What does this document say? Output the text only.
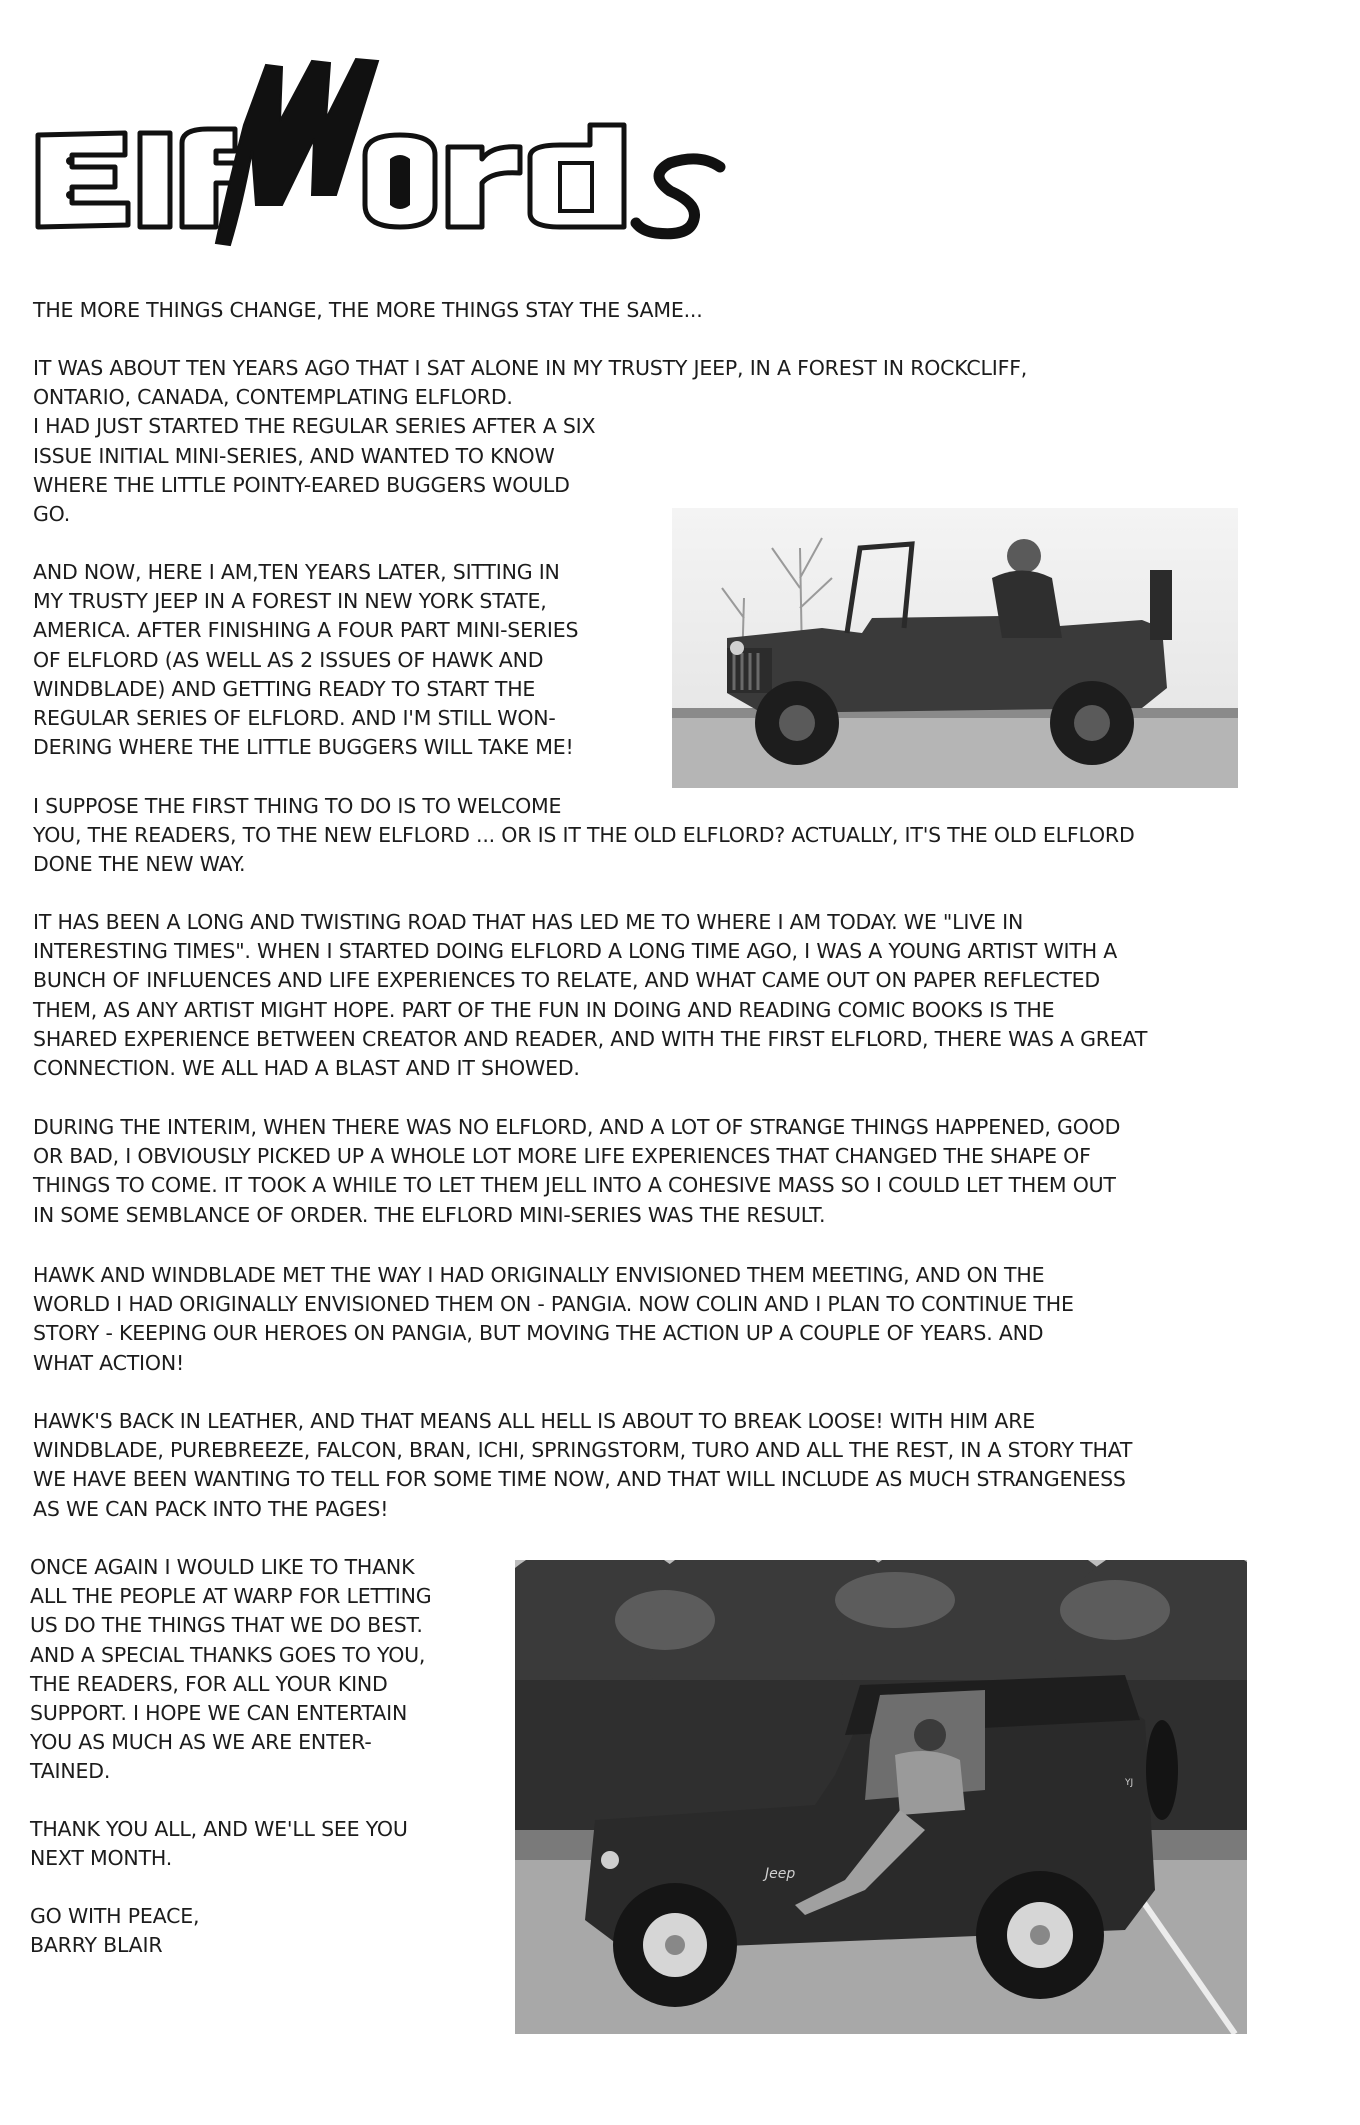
THE MORE THINGS CHANGE, THE MORE THINGS STAY THE SAME...

IT WAS ABOUT TEN YEARS AGO THAT I SAT ALONE IN MY TRUSTY JEEP, IN A FOREST IN ROCKCLIFF,
ONTARIO, CANADA, CONTEMPLATING ELFLORD.
I HAD JUST STARTED THE REGULAR SERIES AFTER A SIX
ISSUE INITIAL MINI-SERIES, AND WANTED TO KNOW
WHERE THE LITTLE POINTY-EARED BUGGERS WOULD
GO.

AND NOW, HERE I AM,TEN YEARS LATER, SITTING IN
MY TRUSTY JEEP IN A FOREST IN NEW YORK STATE,
AMERICA. AFTER FINISHING A FOUR PART MINI-SERIES
OF ELFLORD (AS WELL AS 2 ISSUES OF HAWK AND
WINDBLADE) AND GETTING READY TO START THE
REGULAR SERIES OF ELFLORD. AND I'M STILL WON-
DERING WHERE THE LITTLE BUGGERS WILL TAKE ME!

I SUPPOSE THE FIRST THING TO DO IS TO WELCOME
YOU, THE READERS, TO THE NEW ELFLORD ... OR IS IT THE OLD ELFLORD? ACTUALLY, IT'S THE OLD ELFLORD
DONE THE NEW WAY.

IT HAS BEEN A LONG AND TWISTING ROAD THAT HAS LED ME TO WHERE I AM TODAY. WE "LIVE IN
INTERESTING TIMES". WHEN I STARTED DOING ELFLORD A LONG TIME AGO, I WAS A YOUNG ARTIST WITH A
BUNCH OF INFLUENCES AND LIFE EXPERIENCES TO RELATE, AND WHAT CAME OUT ON PAPER REFLECTED
THEM, AS ANY ARTIST MIGHT HOPE. PART OF THE FUN IN DOING AND READING COMIC BOOKS IS THE
SHARED EXPERIENCE BETWEEN CREATOR AND READER, AND WITH THE FIRST ELFLORD, THERE WAS A GREAT
CONNECTION. WE ALL HAD A BLAST AND IT SHOWED.

DURING THE INTERIM, WHEN THERE WAS NO ELFLORD, AND A LOT OF STRANGE THINGS HAPPENED, GOOD
OR BAD, I OBVIOUSLY PICKED UP A WHOLE LOT MORE LIFE EXPERIENCES THAT CHANGED THE SHAPE OF
THINGS TO COME. IT TOOK A WHILE TO LET THEM JELL INTO A COHESIVE MASS SO I COULD LET THEM OUT
IN SOME SEMBLANCE OF ORDER. THE ELFLORD MINI-SERIES WAS THE RESULT.

HAWK AND WINDBLADE MET THE WAY I HAD ORIGINALLY ENVISIONED THEM MEETING, AND ON THE
WORLD I HAD ORIGINALLY ENVISIONED THEM ON - PANGIA. NOW COLIN AND I PLAN TO CONTINUE THE
STORY - KEEPING OUR HEROES ON PANGIA, BUT MOVING THE ACTION UP A COUPLE OF YEARS. AND
WHAT ACTION!

HAWK'S BACK IN LEATHER, AND THAT MEANS ALL HELL IS ABOUT TO BREAK LOOSE! WITH HIM ARE
WINDBLADE, PUREBREEZE, FALCON, BRAN, ICHI, SPRINGSTORM, TURO AND ALL THE REST, IN A STORY THAT
WE HAVE BEEN WANTING TO TELL FOR SOME TIME NOW, AND THAT WILL INCLUDE AS MUCH STRANGENESS
AS WE CAN PACK INTO THE PAGES!

ONCE AGAIN I WOULD LIKE TO THANK
ALL THE PEOPLE AT WARP FOR LETTING
US DO THE THINGS THAT WE DO BEST.
AND A SPECIAL THANKS GOES TO YOU,
THE READERS, FOR ALL YOUR KIND
SUPPORT. I HOPE WE CAN ENTERTAIN
YOU AS MUCH AS WE ARE ENTER-
TAINED.

THANK YOU ALL, AND WE'LL SEE YOU
NEXT MONTH.

GO WITH PEACE,
BARRY BLAIR

Jeep
YJ
